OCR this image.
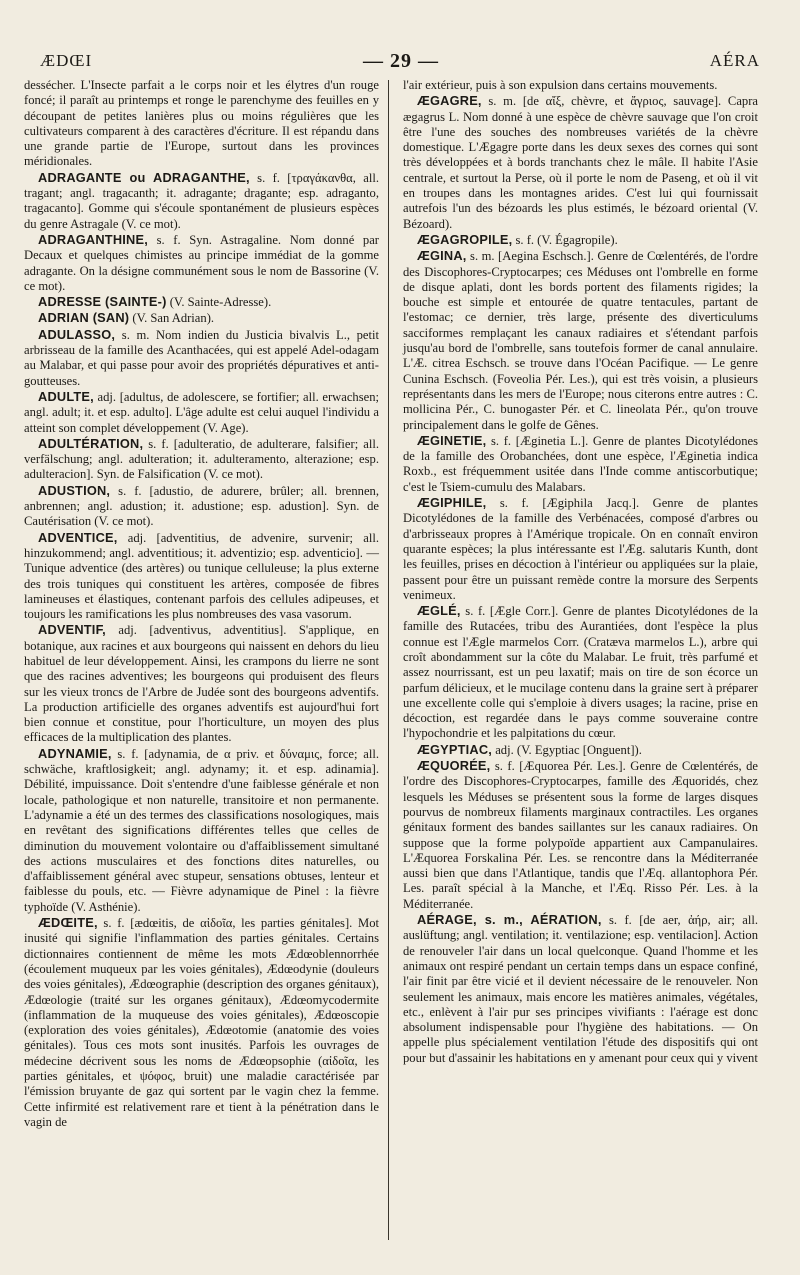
ÆDŒI	— 29 —	AÉRA

dessécher. L'Insecte parfait a le corps noir et les élytres d'un rouge foncé; il paraît au printemps et ronge le parenchyme des feuilles en y découpant de petites lanières plus ou moins régulières que les cultivateurs comparent à des caractères d'écriture. Il est répandu dans une grande partie de l'Europe, surtout dans les provinces méridionales.

ADRAGANTE ou ADRAGANTHE, s. f. [τραγάκανθα, all. tragant; angl. tragacanth; it. adragante; dragante; esp. adraganto, tragacanto]. Gomme qui s'écoule spontanément de plusieurs espèces du genre Astragale (V. ce mot).

ADRAGANTHINE, s. f. Syn. Astragaline. Nom donné par Decaux et quelques chimistes au principe immédiat de la gomme adragante. On la désigne communément sous le nom de Bassorine (V. ce mot).

ADRESSE (SAINTE-) (V. Sainte-Adresse).

ADRIAN (SAN) (V. San Adrian).

ADULASSO, s. m. Nom indien du Justicia bivalvis L., petit arbrisseau de la famille des Acanthacées, qui est appelé Adel-odagam au Malabar, et qui passe pour avoir des propriétés dépuratives et anti-goutteuses.

ADULTE, adj. [adultus, de adolescere, se fortifier; all. erwachsen; angl. adult; it. et esp. adulto]. L'âge adulte est celui auquel l'individu a atteint son complet développement (V. Age).

ADULTÉRATION, s. f. [adulteratio, de adulterare, falsifier; all. verfälschung; angl. adulteration; it. adulteramento, alterazione; esp. adulteracion]. Syn. de Falsification (V. ce mot).

ADUSTION, s. f. [adustio, de adurere, brûler; all. brennen, anbrennen; angl. adustion; it. adustione; esp. adustion]. Syn. de Cautérisation (V. ce mot).

ADVENTICE, adj. [adventitius, de advenire, survenir; all. hinzukommend; angl. adventitious; it. adventizio; esp. adventicio]. — Tunique adventice (des artères) ou tunique celluleuse; la plus externe des trois tuniques qui constituent les artères, composée de fibres lamineuses et élastiques, contenant parfois des cellules adipeuses, et toujours les ramifications les plus nombreuses des vasa vasorum.

ADVENTIF, adj. [adventivus, adventitius]. S'applique, en botanique, aux racines et aux bourgeons qui naissent en dehors du lieu habituel de leur développement. Ainsi, les crampons du lierre ne sont que des racines adventives; les bourgeons qui produisent des fleurs sur les vieux troncs de l'Arbre de Judée sont des bourgeons adventifs. La production artificielle des organes adventifs est aujourd'hui fort bien connue et constitue, pour l'horticulture, un moyen des plus efficaces de la multiplication des plantes.

ADYNAMIE, s. f. [adynamia, de α priv. et δύναμις, force; all. schwäche, kraftlosigkeit; angl. adynamy; it. et esp. adinamia]. Débilité, impuissance. Doit s'entendre d'une faiblesse générale et non locale, pathologique et non naturelle, transitoire et non permanente. L'adynamie a été un des termes des classifications nosologiques, mais en revêtant des significations différentes telles que celles de diminution du mouvement volontaire ou d'affaiblissement simultané des actions musculaires et des fonctions dites naturelles, ou d'affaiblissement général avec stupeur, sensations obtuses, lenteur et faiblesse du pouls, etc. — Fièvre adynamique de Pinel : la fièvre typhoïde (V. Asthénie).

ÆDŒITE, s. f. [ædœitis, de αἰδοῖα, les parties génitales]. Mot inusité qui signifie l'inflammation des parties génitales. Certains dictionnaires contiennent de même les mots Ædœoblennorrhée (écoulement muqueux par les voies génitales), Ædœodynie (douleurs des voies génitales), Ædœographie (description des organes génitaux), Ædœologie (traité sur les organes génitaux), Ædœomycodermite (inflammation de la muqueuse des voies génitales), Ædœoscopie (exploration des voies génitales), Ædœotomie (anatomie des voies génitales). Tous ces mots sont inusités. Parfois les ouvrages de médecine décrivent sous les noms de Ædœopsophie (αἰδοῖα, les parties génitales, et ψόφος, bruit) une maladie caractérisée par l'émission bruyante de gaz qui sortent par le vagin chez la femme. Cette infirmité est relativement rare et tient à la pénétration dans le vagin de

l'air extérieur, puis à son expulsion dans certains mouvements.

ÆGAGRE, s. m. [de αἴξ, chèvre, et ἄγριος, sauvage]. Capra ægagrus L. Nom donné à une espèce de chèvre sauvage que l'on croit être l'une des souches des nombreuses variétés de la chèvre domestique. L'Ægagre porte dans les deux sexes des cornes qui sont très développées et à bords tranchants chez le mâle. Il habite l'Asie centrale, et surtout la Perse, où il porte le nom de Paseng, et où il vit en troupes dans les montagnes arides. C'est lui qui fournissait autrefois l'un des bézoards les plus estimés, le bézoard oriental (V. Bézoard).

ÆGAGROPILE, s. f. (V. Égagropile).

ÆGINA, s. m. [Aegina Eschsch.]. Genre de Cœlentérés, de l'ordre des Discophores-Cryptocarpes; ces Méduses ont l'ombrelle en forme de disque aplati, dont les bords portent des filaments rigides; la bouche est simple et entourée de quatre tentacules, partant de l'estomac; ce dernier, très large, présente des diverticulums sacciformes remplaçant les canaux radiaires et s'étendant parfois jusqu'au bord de l'ombrelle, sans toutefois former de canal annulaire. L'Æ. citrea Eschsch. se trouve dans l'Océan Pacifique. — Le genre Cunina Eschsch. (Foveolia Pér. Les.), qui est très voisin, a plusieurs représentants dans les mers de l'Europe; nous citerons entre autres : C. mollicina Pér., C. bunogaster Pér. et C. lineolata Pér., qu'on trouve principalement dans le golfe de Gênes.

ÆGINETIE, s. f. [Æginetia L.]. Genre de plantes Dicotylédones de la famille des Orobanchées, dont une espèce, l'Æginetia indica Roxb., est fréquemment usitée dans l'Inde comme antiscorbutique; c'est le Tsiem-cumulu des Malabars.

ÆGIPHILE, s. f. [Ægiphila Jacq.]. Genre de plantes Dicotylédones de la famille des Verbénacées, composé d'arbres ou d'arbrisseaux propres à l'Amérique tropicale. On en connaît environ quarante espèces; la plus intéressante est l'Æg. salutaris Kunth, dont les feuilles, prises en décoction à l'intérieur ou appliquées sur la plaie, passent pour être un puissant remède contre la morsure des Serpents venimeux.

ÆGLÉ, s. f. [Ægle Corr.]. Genre de plantes Dicotylédones de la famille des Rutacées, tribu des Aurantiées, dont l'espèce la plus connue est l'Ægle marmelos Corr. (Cratæva marmelos L.), arbre qui croît abondamment sur la côte du Malabar. Le fruit, très parfumé et assez nourrissant, est un peu laxatif; mais on tire de son écorce un parfum délicieux, et le mucilage contenu dans la graine sert à préparer une excellente colle qui s'emploie à divers usages; la racine, prise en décoction, est regardée dans le pays comme souveraine contre l'hypochondrie et les palpitations du cœur.

ÆGYPTIAC, adj. (V. Egyptiac [Onguent]).

ÆQUORÉE, s. f. [Æquorea Pér. Les.]. Genre de Cœlentérés, de l'ordre des Discophores-Cryptocarpes, famille des Æquoridés, chez lesquels les Méduses se présentent sous la forme de larges disques pourvus de nombreux filaments marginaux contractiles. Les organes génitaux forment des bandes saillantes sur les canaux radiaires. On suppose que la forme polypoïde appartient aux Campanulaires. L'Æquorea Forskalina Pér. Les. se rencontre dans la Méditerranée aussi bien que dans l'Atlantique, tandis que l'Æq. allantophora Pér. Les. paraît spécial à la Manche, et l'Æq. Risso Pér. Les. à la Méditerranée.

AÉRAGE, s. m., AÉRATION, s. f. [de aer, ἀήρ, air; all. auslüftung; angl. ventilation; it. ventilazione; esp. ventilacion]. Action de renouveler l'air dans un local quelconque. Quand l'homme et les animaux ont respiré pendant un certain temps dans un espace confiné, l'air finit par être vicié et il devient nécessaire de le renouveler. Non seulement les animaux, mais encore les matières animales, végétales, etc., enlèvent à l'air pur ses principes vivifiants : l'aérage est donc absolument indispensable pour l'hygiène des habitations. — On appelle plus spécialement ventilation l'étude des dispositifs qui ont pour but d'assainir les habitations en y amenant pour ceux qui y vivent
